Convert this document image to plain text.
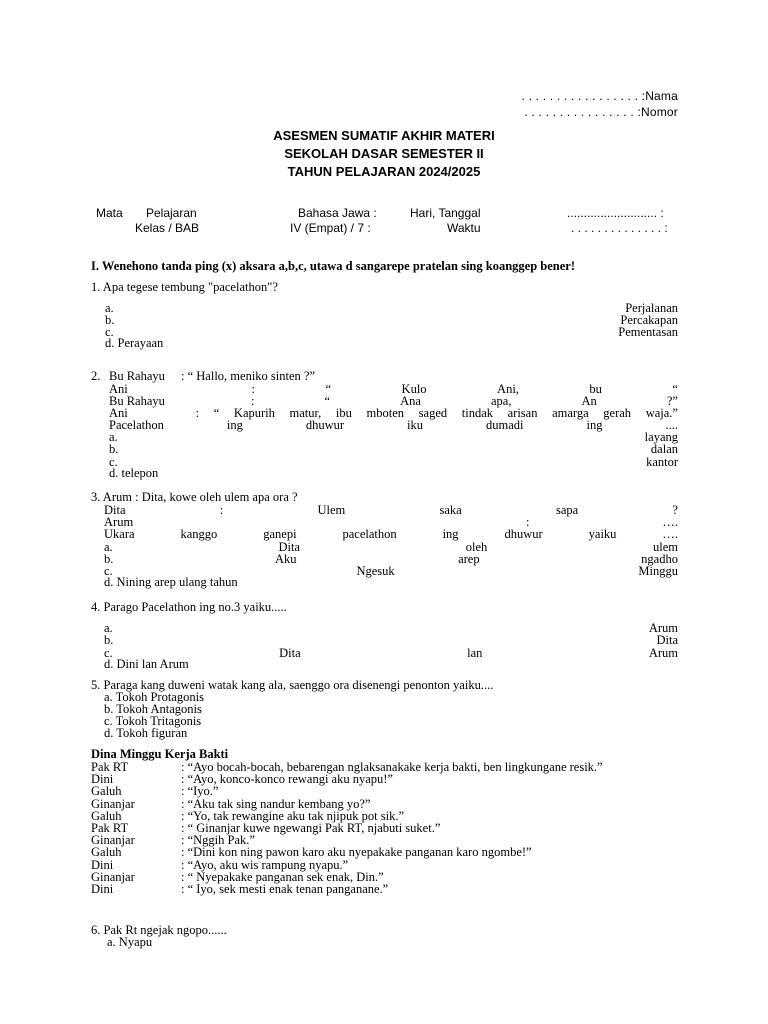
. . . . . . . . . . . . . . . . . :Nama
. . . . . . . . . . . . . . . . :Nomor
ASESMEN SUMATIF AKHIR MATERI
SEKOLAH DASAR SEMESTER II
TAHUN PELAJARAN 2024/2025
Mata Pelajaran	Bahasa Jawa :	Hari, Tanggal	........................... :
Kelas / BAB	IV (Empat) / 7 :	Waktu	. . . . . . . . . . . . . . :
I. Wenehono tanda ping (x) aksara a,b,c, utawa d sangarepe pratelan sing koanggep bener!
1. Apa tegese tembung "pacelathon"?
a.	Perjalanan
b.	Percakapan
c.	Pementasan
d. Perayaan
2. Bu Rahayu : “ Hallo, meniko sinten ?”
Ani	:	“	Kulo	Ani,	bu	“
Bu Rahayu	:	“	Ana	apa,	An	?”
Ani	: “ Kapurih matur, ibu mboten saged tindak arisan amarga gerah waja.”
Pacelathon	ing	dhuwur	iku	dumadi	ing	....
a.	layang
b.	dalan
c.	kantor
d. telepon
3. Arum : Dita, kowe oleh ulem apa ora ?
Dita	:	Ulem	saka	sapa	?
Arum	:	….
Ukara	kanggo	ganepi	pacelathon	ing	dhuwur	yaiku	….
a.	Dita	oleh	ulem
b.	Aku	arep	ngadho
c.	Ngesuk	Minggu
d. Nining arep ulang tahun
4. Parago Pacelathon ing no.3 yaiku.....
a.	Arum
b.	Dita
c.	Dita	lan	Arum
d. Dini lan Arum
5. Paraga kang duweni watak kang ala, saenggo ora disenengi penonton yaiku....
a. Tokoh Protagonis
b. Tokoh Antagonis
c. Tokoh Tritagonis
d. Tokoh figuran
Dina Minggu Kerja Bakti
Pak RT	: “Ayo bocah-bocah, bebarengan nglaksanakake kerja bakti, ben lingkungane resik.”
Dini	: “Ayo, konco-konco rewangi aku nyapu!”
Galuh	: “Iyo.”
Ginanjar	: “Aku tak sing nandur kembang yo?”
Galuh	: “Yo, tak rewangine aku tak njipuk pot sik.”
Pak RT	: “ Ginanjar kuwe ngewangi Pak RT, njabuti suket.”
Ginanjar	: “Nggih Pak.”
Galuh	: “Dini kon ning pawon karo aku nyepakake panganan karo ngombe!”
Dini	: “Ayo, aku wis rampung nyapu.”
Ginanjar	: “ Nyepakake panganan sek enak, Din.”
Dini	: “ Iyo, sek mesti enak tenan panganane.”
6. Pak Rt ngejak ngopo......
a. Nyapu
